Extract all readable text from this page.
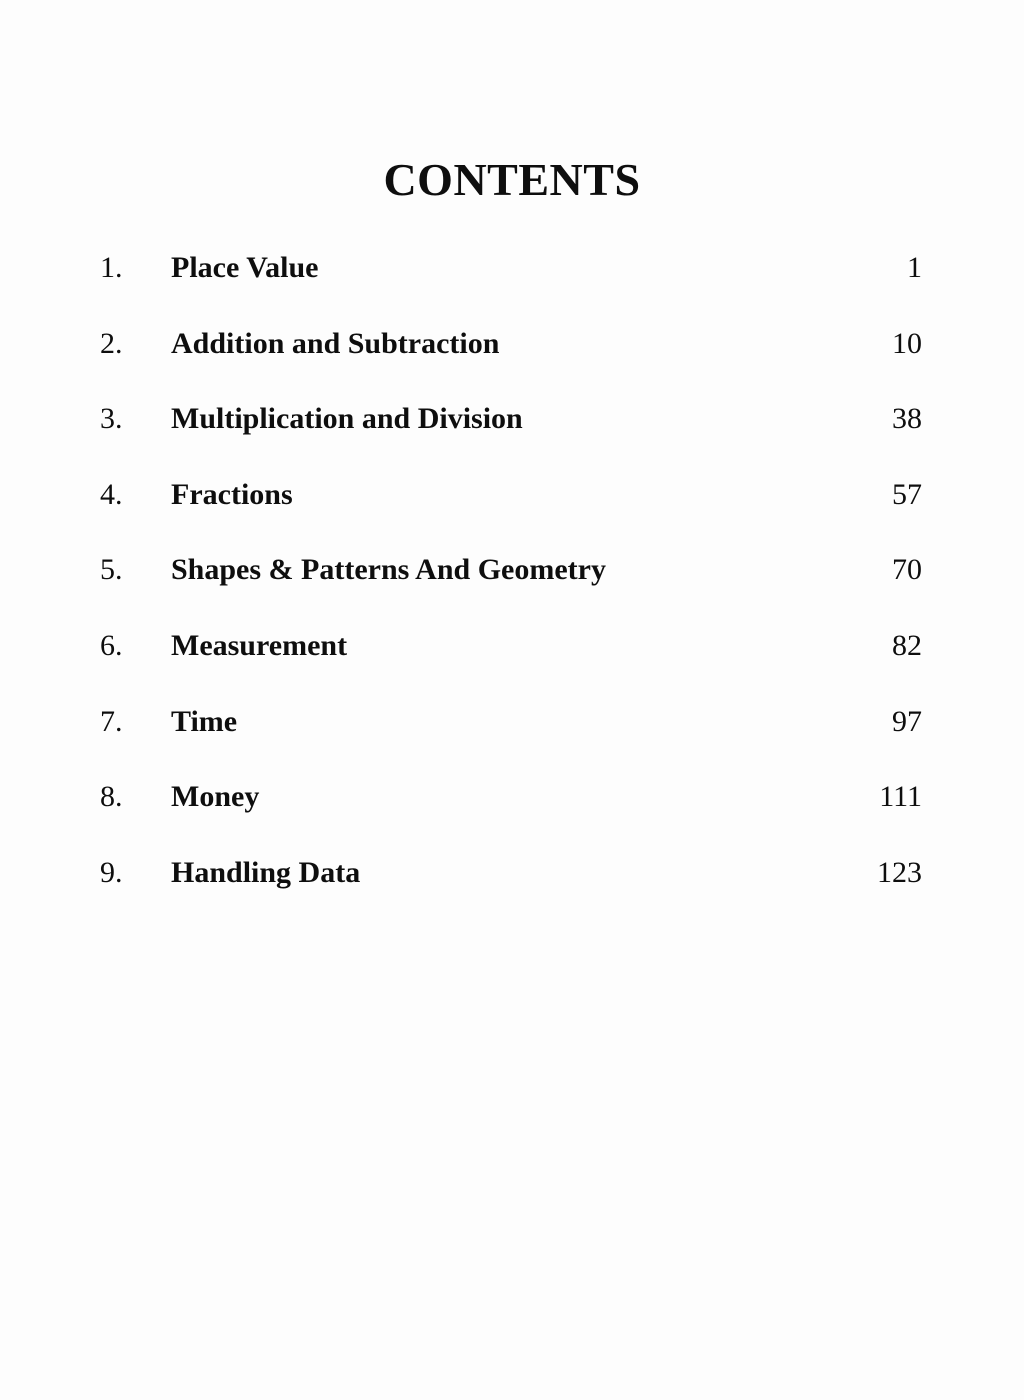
CONTENTS
1. Place Value	1
2. Addition and Subtraction	10
3. Multiplication and Division	38
4. Fractions	57
5. Shapes & Patterns And Geometry	70
6. Measurement	82
7. Time	97
8. Money	111
9. Handling Data	123
